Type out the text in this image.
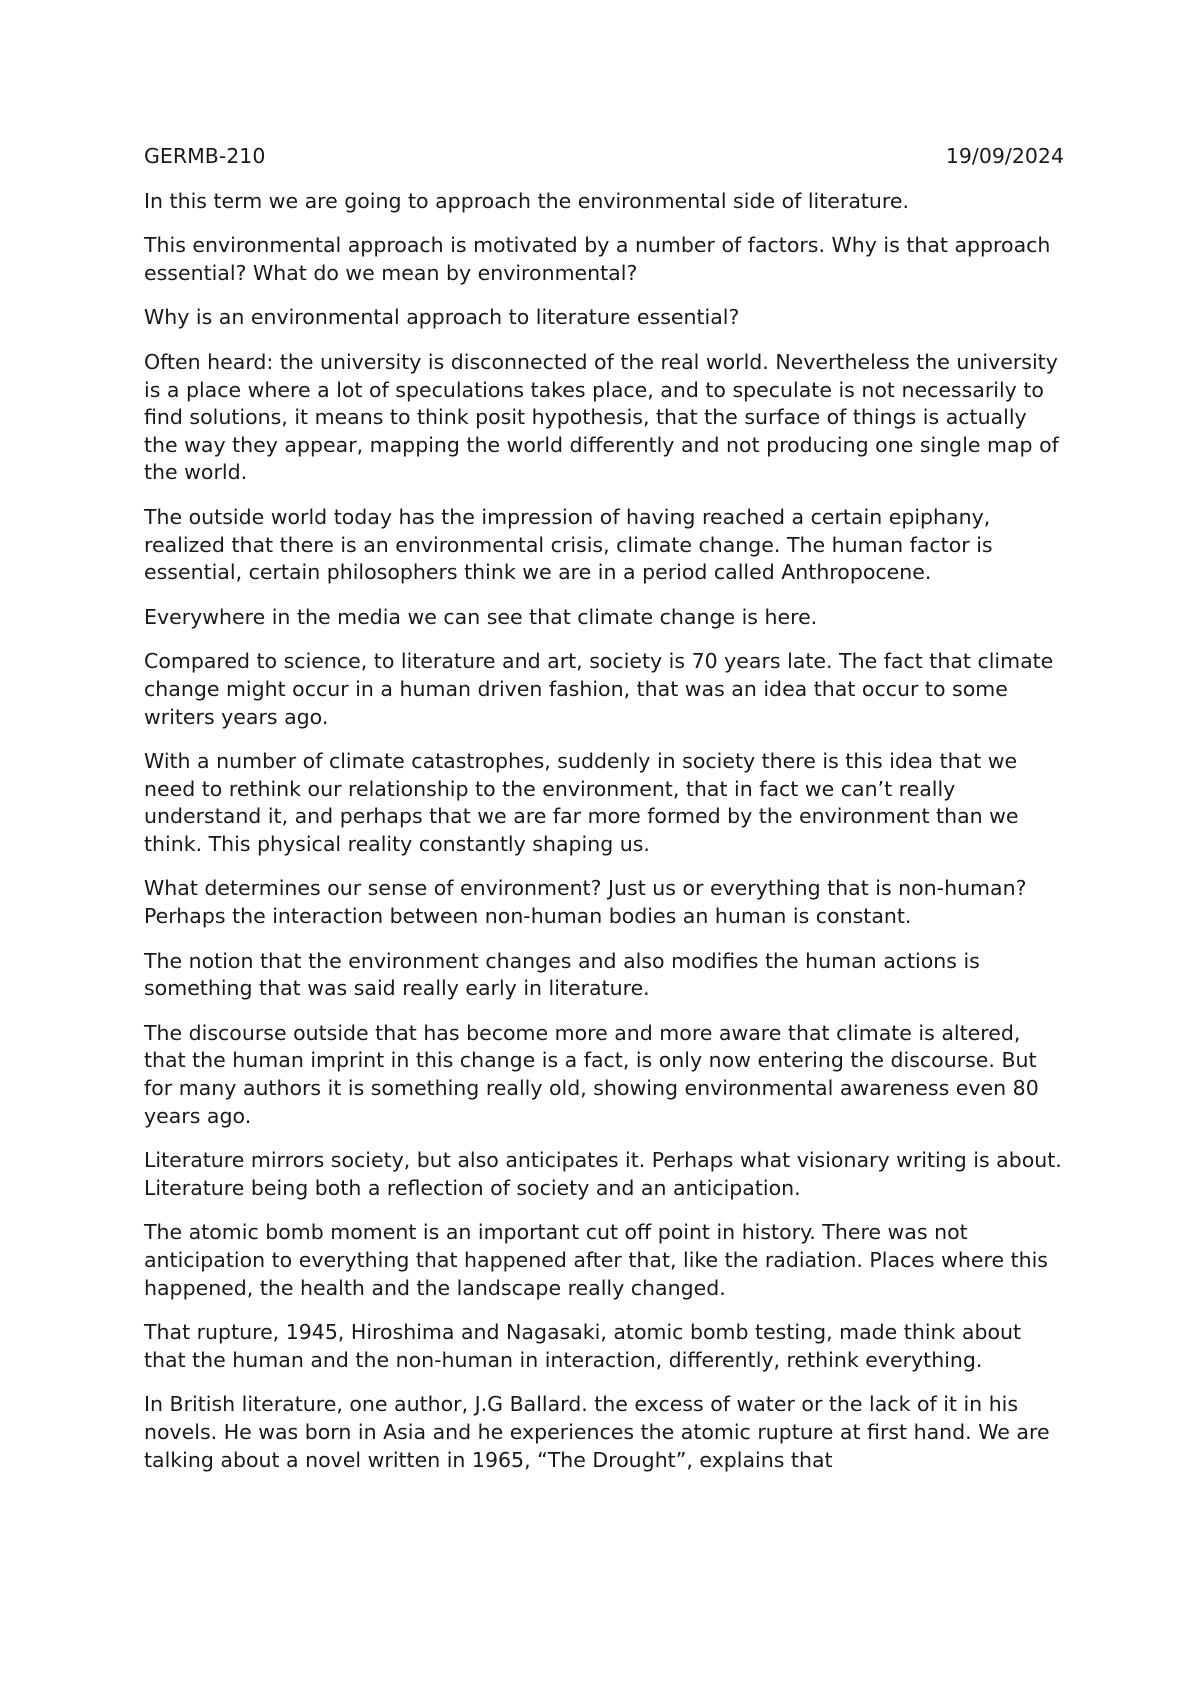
GERMB-210	19/09/2024

In this term we are going to approach the environmental side of literature.

This environmental approach is motivated by a number of factors. Why is that approach essential? What do we mean by environmental?

Why is an environmental approach to literature essential?

Often heard: the university is disconnected of the real world. Nevertheless the university is a place where a lot of speculations takes place, and to speculate is not necessarily to find solutions, it means to think posit hypothesis, that the surface of things is actually the way they appear, mapping the world differently and not producing one single map of the world.

The outside world today has the impression of having reached a certain epiphany, realized that there is an environmental crisis, climate change. The human factor is essential, certain philosophers think we are in a period called Anthropocene.

Everywhere in the media we can see that climate change is here.

Compared to science, to literature and art, society is 70 years late. The fact that climate change might occur in a human driven fashion, that was an idea that occur to some writers years ago.

With a number of climate catastrophes, suddenly in society there is this idea that we need to rethink our relationship to the environment, that in fact we can’t really understand it, and perhaps that we are far more formed by the environment than we think. This physical reality constantly shaping us.

What determines our sense of environment? Just us or everything that is non-human? Perhaps the interaction between non-human bodies an human is constant.

The notion that the environment changes and also modifies the human actions is something that was said really early in literature.

The discourse outside that has become more and more aware that climate is altered, that the human imprint in this change is a fact, is only now entering the discourse. But for many authors it is something really old, showing environmental awareness even 80 years ago.

Literature mirrors society, but also anticipates it. Perhaps what visionary writing is about. Literature being both a reflection of society and an anticipation.

The atomic bomb moment is an important cut off point in history. There was not anticipation to everything that happened after that, like the radiation. Places where this happened, the health and the landscape really changed.

That rupture, 1945, Hiroshima and Nagasaki, atomic bomb testing, made think about that the human and the non-human in interaction, differently, rethink everything.

In British literature, one author, J.G Ballard. the excess of water or the lack of it in his novels. He was born in Asia and he experiences the atomic rupture at first hand. We are talking about a novel written in 1965, “The Drought”, explains that
